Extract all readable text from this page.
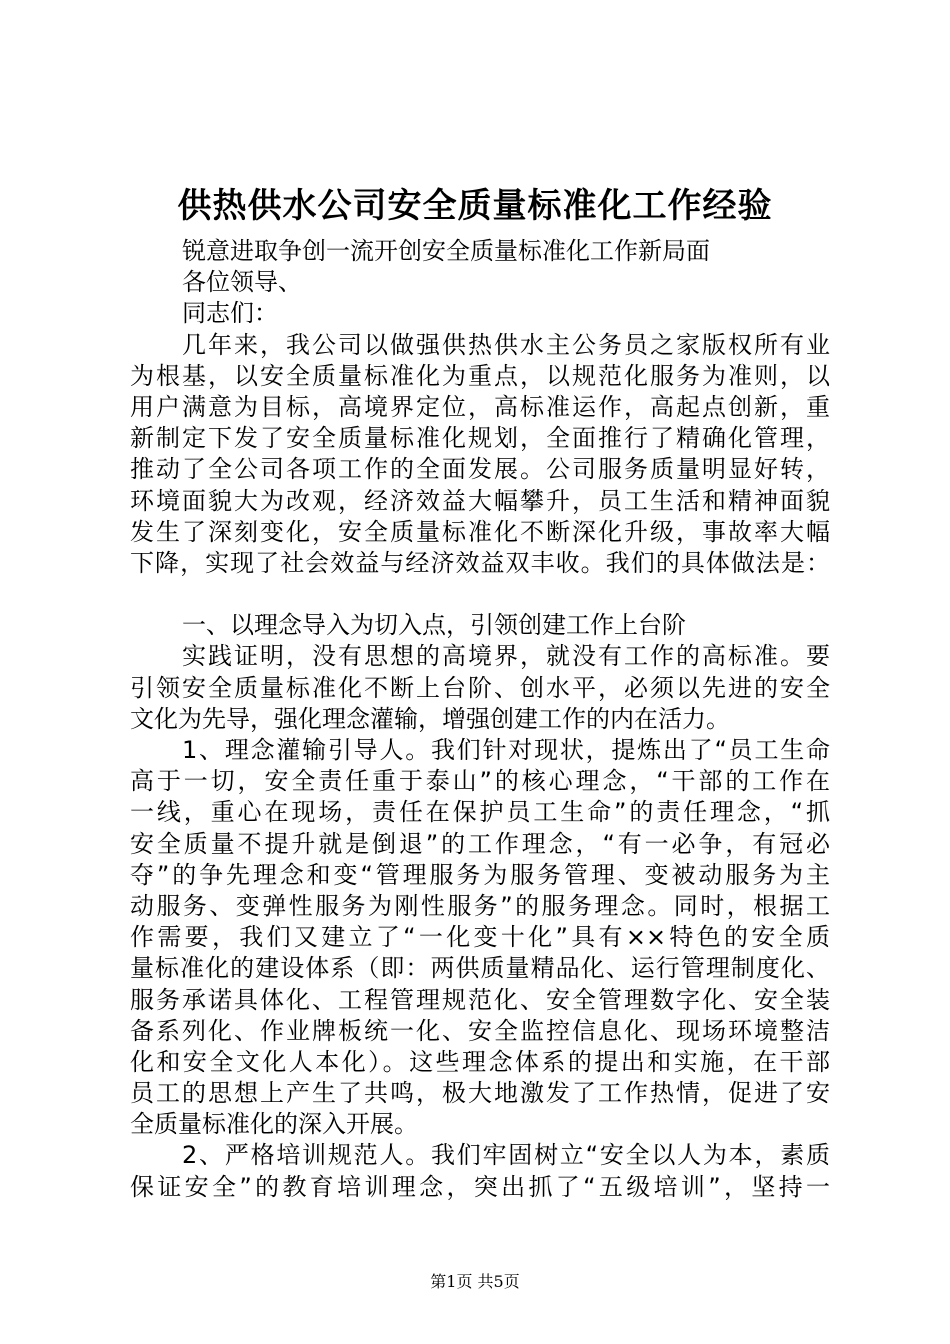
供热供水公司安全质量标准化工作经验
锐意进取争创一流开创安全质量标准化工作新局面
各位领导、
同志们：
几年来，我公司以做强供热供水主公务员之家版权所有业
为根基，以安全质量标准化为重点，以规范化服务为准则，以
用户满意为目标，高境界定位，高标准运作，高起点创新，重
新制定下发了安全质量标准化规划，全面推行了精确化管理，
推动了全公司各项工作的全面发展。公司服务质量明显好转，
环境面貌大为改观，经济效益大幅攀升，员工生活和精神面貌
发生了深刻变化，安全质量标准化不断深化升级，事故率大幅
下降，实现了社会效益与经济效益双丰收。我们的具体做法是：
一、以理念导入为切入点，引领创建工作上台阶
实践证明，没有思想的高境界，就没有工作的高标准。要
引领安全质量标准化不断上台阶、创水平，必须以先进的安全
文化为先导，强化理念灌输，增强创建工作的内在活力。
1、理念灌输引导人。我们针对现状，提炼出了“员工生命
高于一切，安全责任重于泰山”的核心理念，“干部的工作在
一线，重心在现场，责任在保护员工生命”的责任理念，“抓
安全质量不提升就是倒退”的工作理念，“有一必争，有冠必
夺”的争先理念和变“管理服务为服务管理、变被动服务为主
动服务、变弹性服务为刚性服务”的服务理念。同时，根据工
作需要，我们又建立了“一化变十化”具有××特色的安全质
量标准化的建设体系（即：两供质量精品化、运行管理制度化、
服务承诺具体化、工程管理规范化、安全管理数字化、安全装
备系列化、作业牌板统一化、安全监控信息化、现场环境整洁
化和安全文化人本化）。这些理念体系的提出和实施，在干部
员工的思想上产生了共鸣，极大地激发了工作热情，促进了安
全质量标准化的深入开展。
2、严格培训规范人。我们牢固树立“安全以人为本，素质
保证安全”的教育培训理念，突出抓了“五级培训”，坚持一
第1页 共5页
